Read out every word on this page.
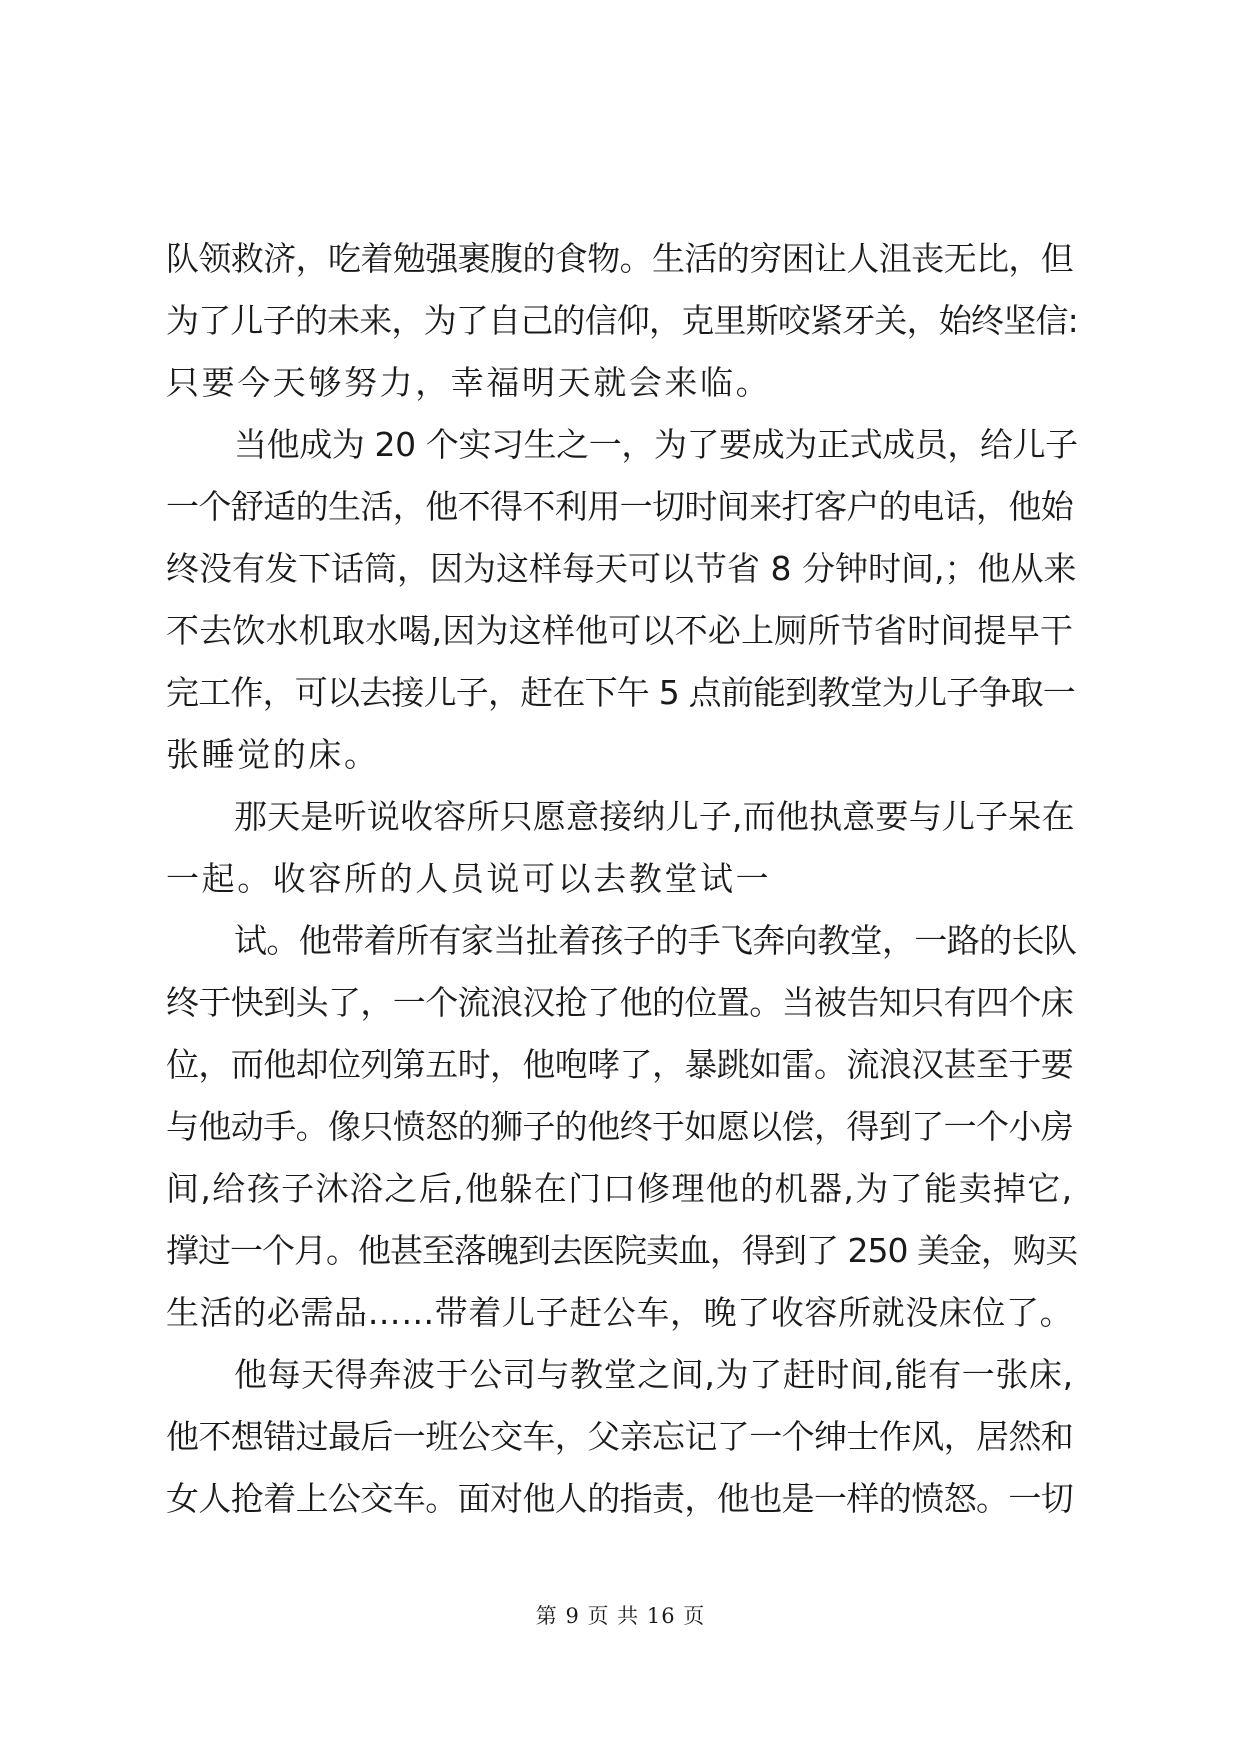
队领救济，吃着勉强裹腹的食物。生活的穷困让人沮丧无比，但
为了儿子的未来，为了自己的信仰，克里斯咬紧牙关，始终坚信:
只要今天够努力，幸福明天就会来临。
当他成为 20 个实习生之一，为了要成为正式成员，给儿子
一个舒适的生活，他不得不利用一切时间来打客户的电话，他始
终没有发下话筒，因为这样每天可以节省 8 分钟时间,；他从来
不去饮水机取水喝,因为这样他可以不必上厕所节省时间提早干
完工作，可以去接儿子，赶在下午 5 点前能到教堂为儿子争取一
张睡觉的床。
那天是听说收容所只愿意接纳儿子,而他执意要与儿子呆在
一起。收容所的人员说可以去教堂试一
试。他带着所有家当扯着孩子的手飞奔向教堂，一路的长队
终于快到头了，一个流浪汉抢了他的位置。当被告知只有四个床
位，而他却位列第五时，他咆哮了，暴跳如雷。流浪汉甚至于要
与他动手。像只愤怒的狮子的他终于如愿以偿，得到了一个小房
间,给孩子沐浴之后,他躲在门口修理他的机器,为了能卖掉它,
撑过一个月。他甚至落魄到去医院卖血，得到了 250 美金，购买
生活的必需品……带着儿子赶公车，晚了收容所就没床位了。
他每天得奔波于公司与教堂之间,为了赶时间,能有一张床,
他不想错过最后一班公交车，父亲忘记了一个绅士作风，居然和
女人抢着上公交车。面对他人的指责，他也是一样的愤怒。一切
第 9 页 共 16 页
